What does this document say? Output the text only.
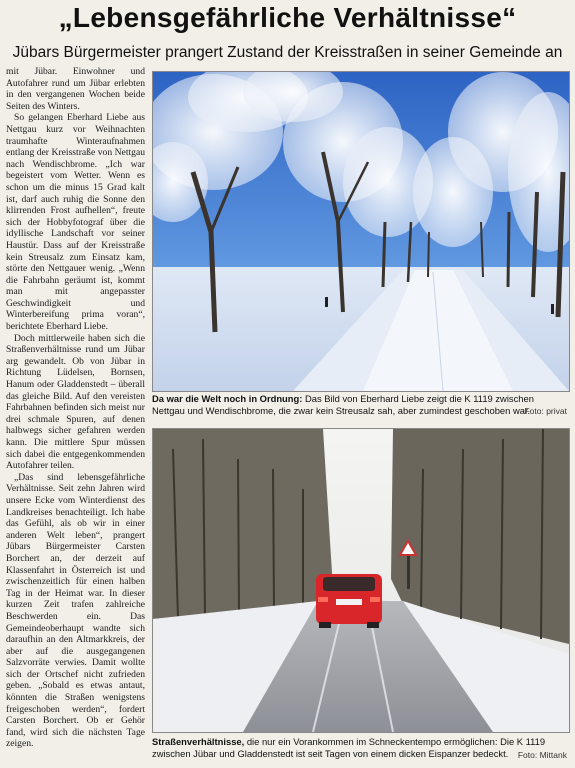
„Lebensgefährliche Verhältnisse“
Jübars Bürgermeister prangert Zustand der Kreisstraßen in seiner Gemeinde an

mit Jübar. Einwohner und Autofahrer rund um Jübar erlebten in den vergangenen Wochen beide Seiten des Winters.

So gelangen Eberhard Liebe aus Nettgau kurz vor Weihnachten traumhafte Winteraufnahmen entlang der Kreisstraße von Nettgau nach Wendischbrome. „Ich war begeistert vom Wetter. Wenn es schon um die minus 15 Grad kalt ist, darf auch ruhig die Sonne den klirrenden Frost aufhellen“, freute sich der Hobbyfotograf über die idyllische Landschaft vor seiner Haustür. Dass auf der Kreisstraße kein Streusalz zum Einsatz kam, störte den Nettgauer wenig. „Wenn die Fahrbahn geräumt ist, kommt man mit angepasster Geschwindigkeit und Winterbereifung prima voran“, berichtete Eberhard Liebe.

Doch mittlerweile haben sich die Straßenverhältnisse rund um Jübar arg gewandelt. Ob von Jübar in Richtung Lüdelsen, Bornsen, Hanum oder Gladdenstedt – überall das gleiche Bild. Auf den vereisten Fahrbahnen befinden sich meist nur drei schmale Spuren, auf denen halbwegs sicher gefahren werden kann. Die mittlere Spur müssen sich dabei die entgegenkommenden Autofahrer teilen.

„Das sind lebensgefährliche Verhältnisse. Seit zehn Jahren wird unsere Ecke vom Winterdienst des Landkreises benachteiligt. Ich habe das Gefühl, als ob wir in einer anderen Welt leben“, prangert Jübars Bürgermeister Carsten Borchert an, der derzeit auf Klassenfahrt in Österreich ist und zwischenzeitlich für einen halben Tag in der Heimat war. In dieser kurzen Zeit trafen zahlreiche Beschwerden ein. Das Gemeindeoberhaupt wandte sich daraufhin an den Altmarkkreis, der aber auf die ausgegangenen Salzvorräte verwies. Damit wollte sich der Ortschef nicht zufrieden geben. „Sobald es etwas antaut, könnten die Straßen wenigstens freigeschoben werden“, fordert Carsten Borchert. Ob er Gehör fand, wird sich die nächsten Tage zeigen.

Da war die Welt noch in Ordnung: Das Bild von Eberhard Liebe zeigt die K 1119 zwischen Nettgau und Wendischbrome, die zwar kein Streusalz sah, aber zumindest geschoben war.
Foto: privat
Straßenverhältnisse, die nur ein Vorankommen im Schneckentempo ermöglichen: Die K 1119 zwischen Jübar und Gladdenstedt ist seit Tagen von einem dicken Eispanzer bedeckt.	Foto: Mittank
